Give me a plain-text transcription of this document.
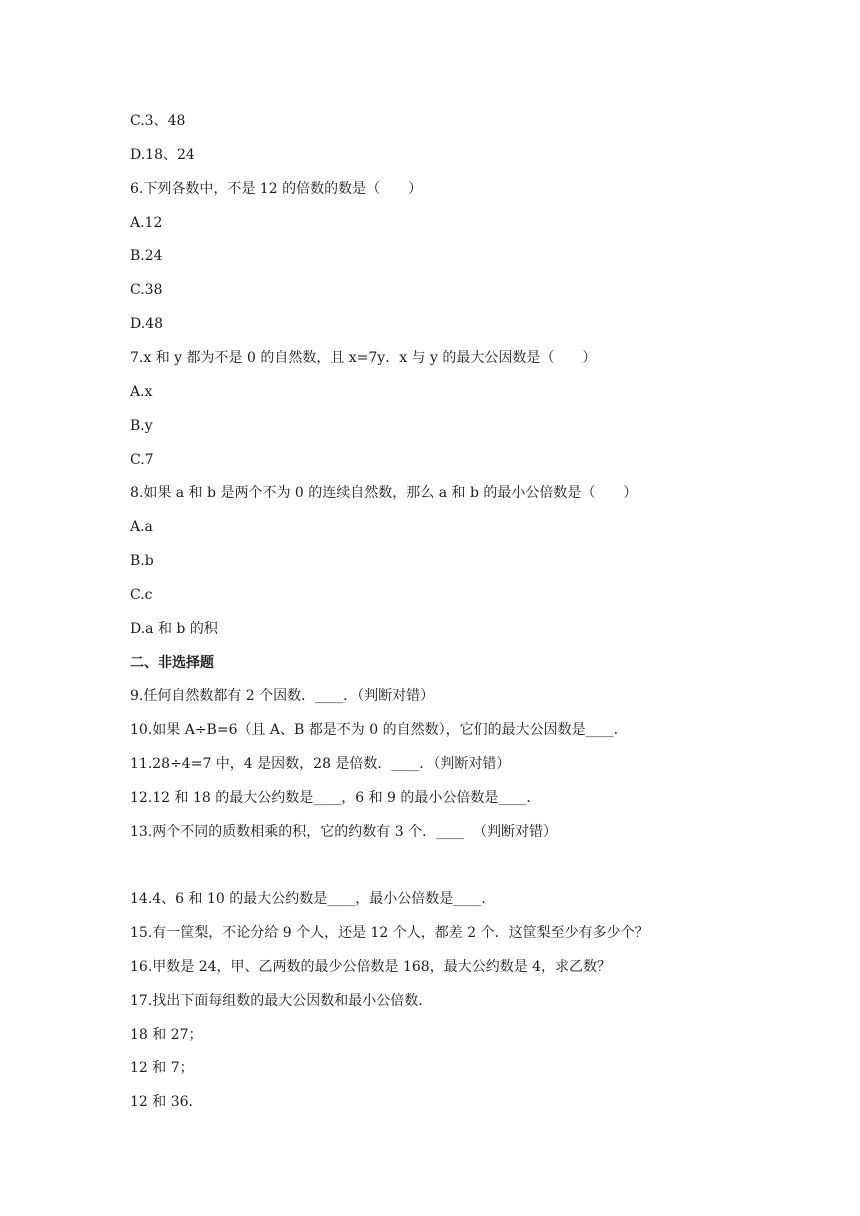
C.3、48
D.18、24
6.下列各数中，不是 12 的倍数的数是（　　）
A.12
B.24
C.38
D.48
7.x 和 y 都为不是 0 的自然数，且 x=7y．x 与 y 的最大公因数是（　　）
A.x
B.y
C.7
8.如果 a 和 b 是两个不为 0 的连续自然数，那么 a 和 b 的最小公倍数是（　　）
A.a
B.b
C.c
D.a 和 b 的积
二、非选择题
9.任何自然数都有 2 个因数．____．（判断对错）
10.如果 A÷B=6（且 A、B 都是不为 0 的自然数），它们的最大公因数是____．
11.28÷4=7 中，4 是因数，28 是倍数．____．（判断对错）
12.12 和 18 的最大公约数是____，6 和 9 的最小公倍数是____．
13.两个不同的质数相乘的积，它的约数有 3 个．____  （判断对错）
14.4、6 和 10 的最大公约数是____，最小公倍数是____．
15.有一筐梨，不论分给 9 个人，还是 12 个人，都差 2 个．这筐梨至少有多少个？
16.甲数是 24，甲、乙两数的最少公倍数是 168，最大公约数是 4，求乙数？
17.找出下面每组数的最大公因数和最小公倍数．
18 和 27；
12 和 7；
12 和 36．
